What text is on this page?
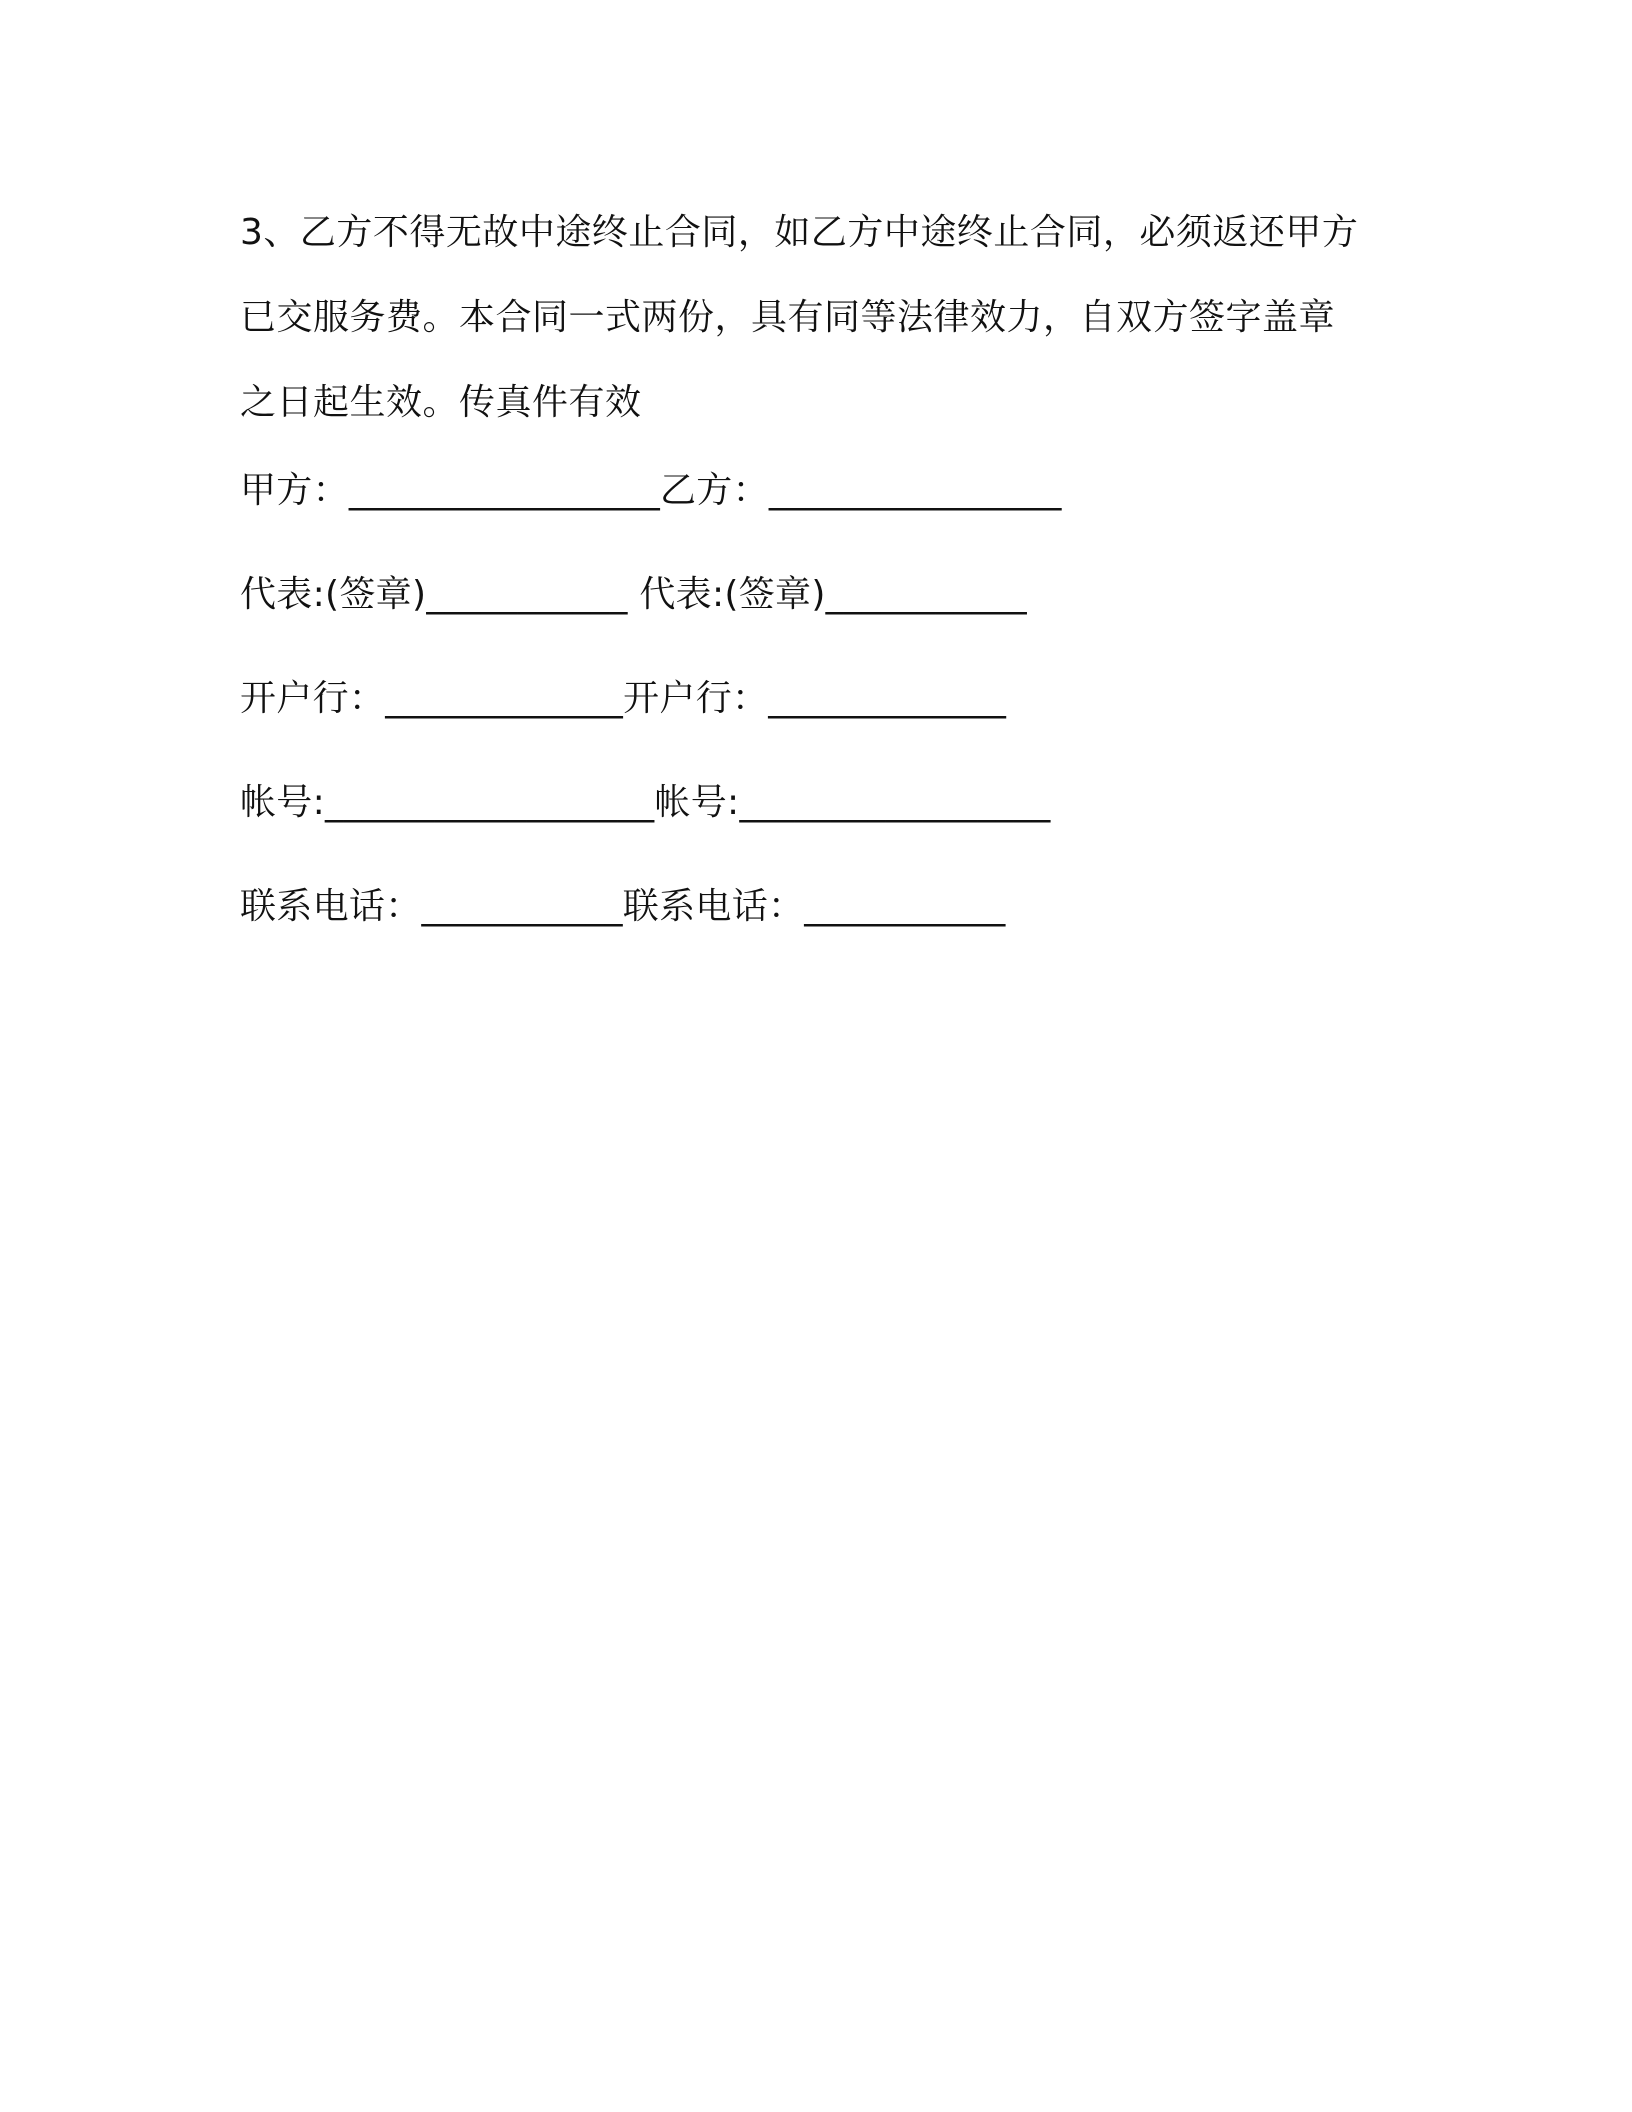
3、乙方不得无故中途终止合同，如乙方中途终止合同，必须返还甲方
已交服务费。本合同一式两份，具有同等法律效力，自双方签字盖章
之日起生效。传真件有效

甲方：_________________乙方：________________
代表:(签章)___________ 代表:(签章)___________
开户行：_____________开户行：_____________
帐号:__________________帐号:_________________
联系电话：___________联系电话：___________
